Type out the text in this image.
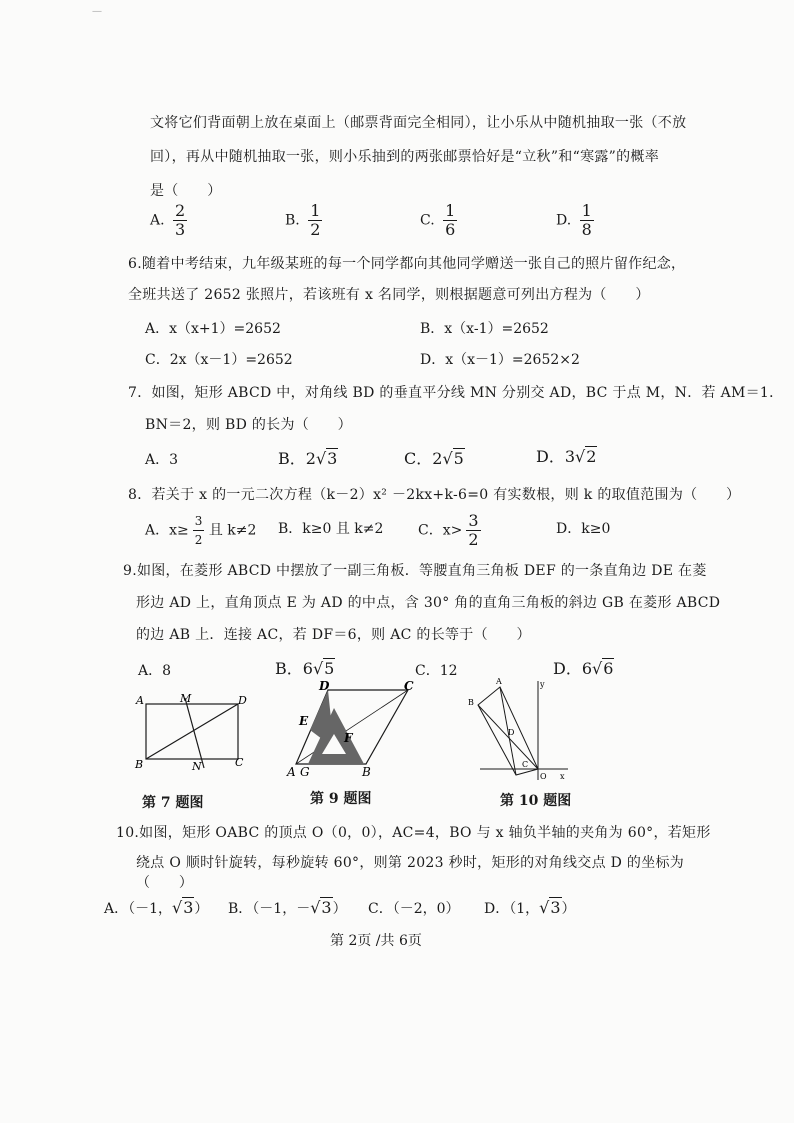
—
文将它们背面朝上放在桌面上（邮票背面完全相同），让小乐从中随机抽取一张（不放
回），再从中随机抽取一张，则小乐抽到的两张邮票恰好是“立秋”和“寒露”的概率
是（　　）
A. $\frac{2}{3}$	B. $\frac{1}{2}$	C. $\frac{1}{6}$	D. $\frac{1}{8}$
6.随着中考结束，九年级某班的每一个同学都向其他同学赠送一张自己的照片留作纪念，
全班共送了 2652 张照片，若该班有 x 名同学，则根据题意可列出方程为（　　）
A．x（x+1）=2652	B．x（x-1）=2652
C．2x（x－1）=2652	D．x（x－1）=2652×2
7．如图，矩形 ABCD 中，对角线 BD 的垂直平分线 MN 分别交 AD，BC 于点 M，N．若 AM＝1．
BN＝2，则 BD 的长为（　　）
A．3	B．2√3	C．2√5	D．3√2
8．若关于 x 的一元二次方程（k－2）x² －2kx+k-6=0 有实数根，则 k 的取值范围为（　　）
A．$x\ge \frac{3}{2}$ 且 k≠2 B．k≥0 且 k≠2 C．$x> \frac{3}{2}$	D．k≥0
9.如图，在菱形 ABCD 中摆放了一副三角板．等腰直角三角板 DEF 的一条直角边 DE 在菱
形边 AD 上，直角顶点 E 为 AD 的中点，含 30° 角的直角三角板的斜边 GB 在菱形 ABCD
的边 AB 上．连接 AC，若 DF＝6，则 AC 的长等于（　　）
A．8	B．6√5	C．12	D．6√6
A	M	D
B	N	C
第 7 题图
D	C
E
F
A G	B
第 9 题图
y
B
A
D
C
O x
第 10 题图
10.如图，矩形 OABC 的顶点 O（0，0），AC=4，BO 与 x 轴负半轴的夹角为 60°，若矩形
绕点 O 顺时针旋转，每秒旋转 60°，则第 2023 秒时，矩形的对角线交点 D 的坐标为
（　　）
A．（－1，√3） B．（－1，－√3） C．（－2，0） D．（1，√3）
第 2页 /共 6页
